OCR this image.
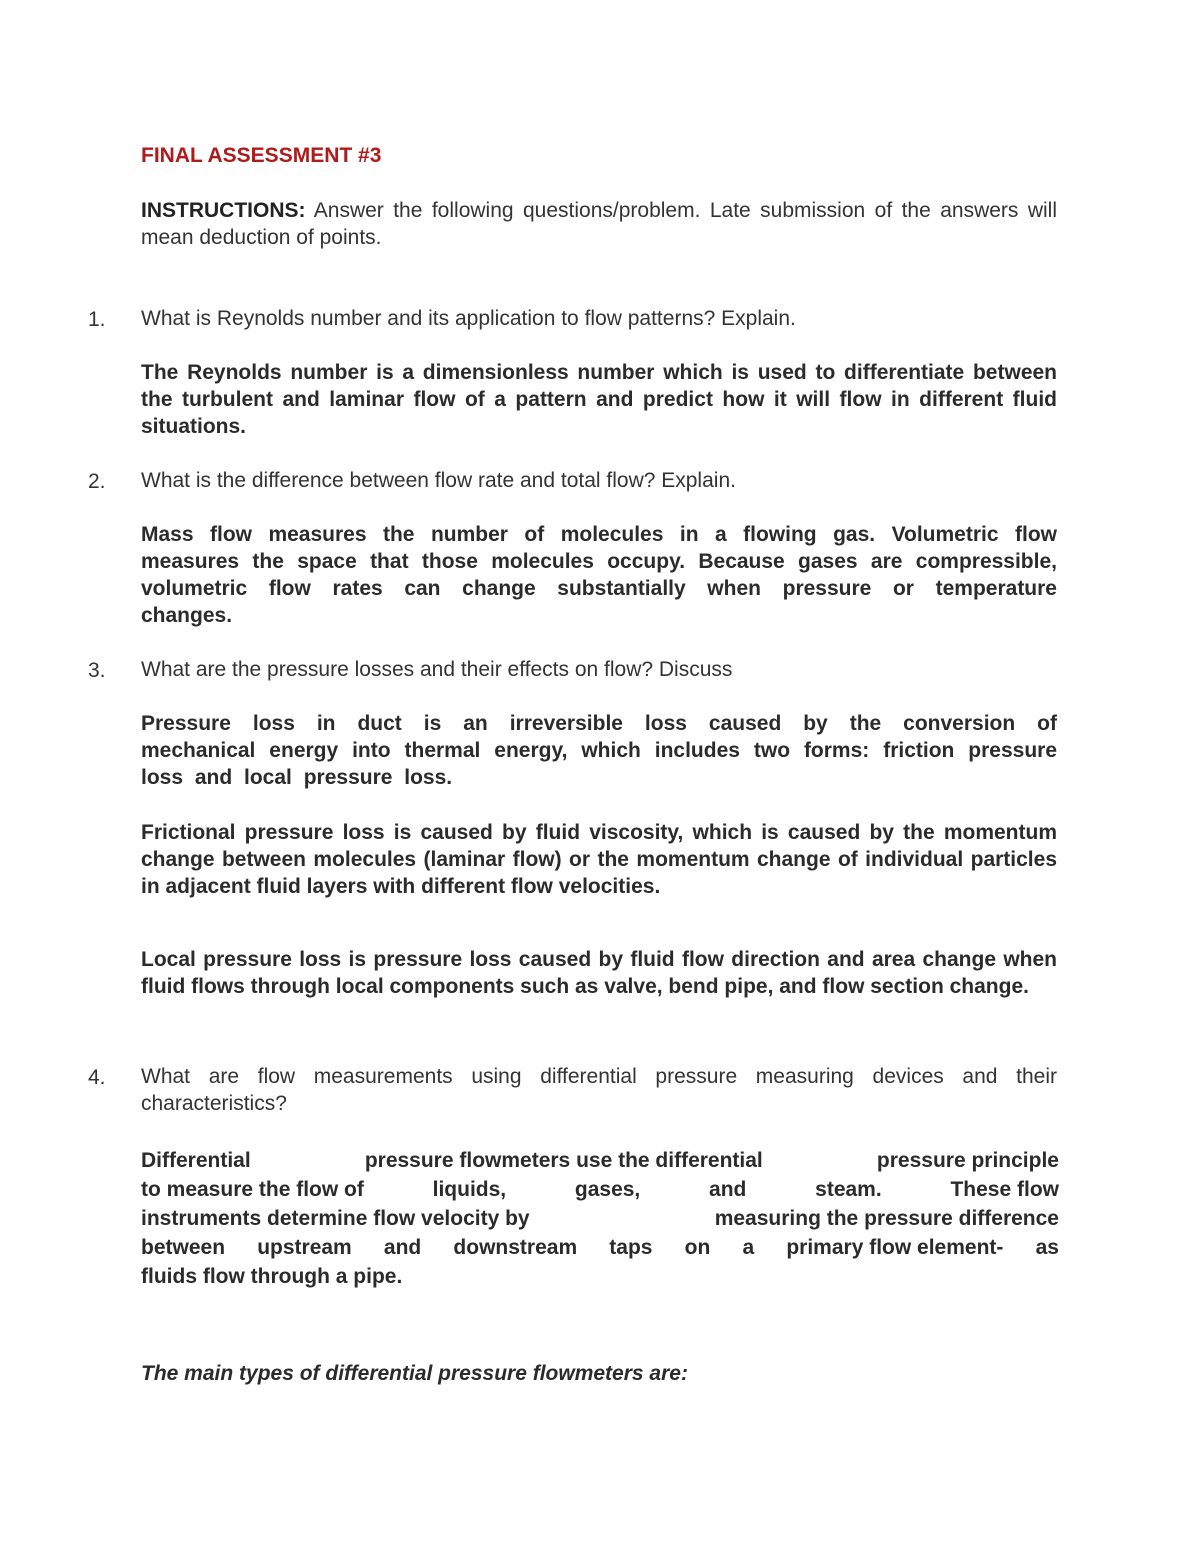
FINAL ASSESSMENT #3
INSTRUCTIONS: Answer the following questions/problem. Late submission of the answers will mean deduction of points.
1. What is Reynolds number and its application to flow patterns? Explain.
The Reynolds number is a dimensionless number which is used to differentiate between the turbulent and laminar flow of a pattern and predict how it will flow in different fluid situations.
2. What is the difference between flow rate and total flow? Explain.
Mass flow measures the number of molecules in a flowing gas. Volumetric flow measures the space that those molecules occupy. Because gases are compressible, volumetric flow rates can change substantially when pressure or temperature changes.
3. What are the pressure losses and their effects on flow? Discuss
Pressure loss in duct is an irreversible loss caused by the conversion of mechanical energy into thermal energy, which includes two forms: friction pressure loss and local pressure loss.
Frictional pressure loss is caused by fluid viscosity, which is caused by the momentum change between molecules (laminar flow) or the momentum change of individual particles in adjacent fluid layers with different flow velocities.
Local pressure loss is pressure loss caused by fluid flow direction and area change when fluid flows through local components such as valve, bend pipe, and flow section change.
4. What are flow measurements using differential pressure measuring devices and their characteristics?
Differential	pressure flowmeters use the differential	pressure principle
to measure the flow of	liquids,	gases,	and	steam.	These flow
instruments determine flow velocity by	measuring the pressure difference
between upstream and downstream taps on a primary flow element- as
fluids flow through a pipe.
The main types of differential pressure flowmeters are:
